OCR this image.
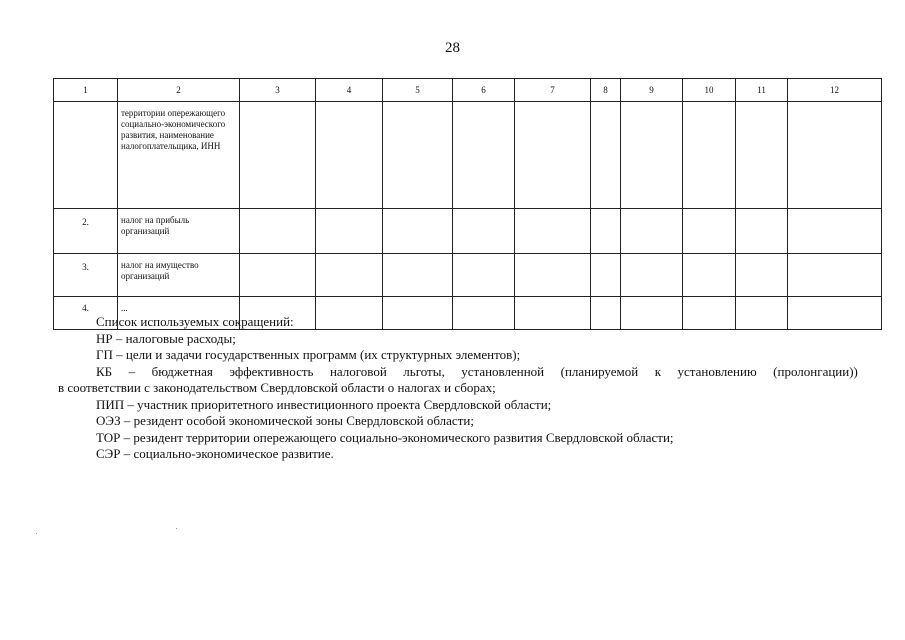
28
1	2	3	4	5	6	7	8	9	10	11	12
	территории опережающего социально-экономического развития, наименование налогоплательщика, ИНН										
2.	налог на прибыль организаций										
3.	налог на имущество организаций										
4.	...										
Список используемых сокращений:
НР – налоговые расходы;
ГП – цели и задачи государственных программ (их структурных элементов);
КБ – бюджетная эффективность налоговой льготы, установленной (планируемой к установлению (пролонгации))
в соответствии с законодательством Свердловской области о налогах и сборах;
ПИП – участник приоритетного инвестиционного проекта Свердловской области;
ОЭЗ – резидент особой экономической зоны Свердловской области;
ТОР – резидент территории опережающего социально-экономического развития Свердловской области;
СЭР – социально-экономическое развитие.
